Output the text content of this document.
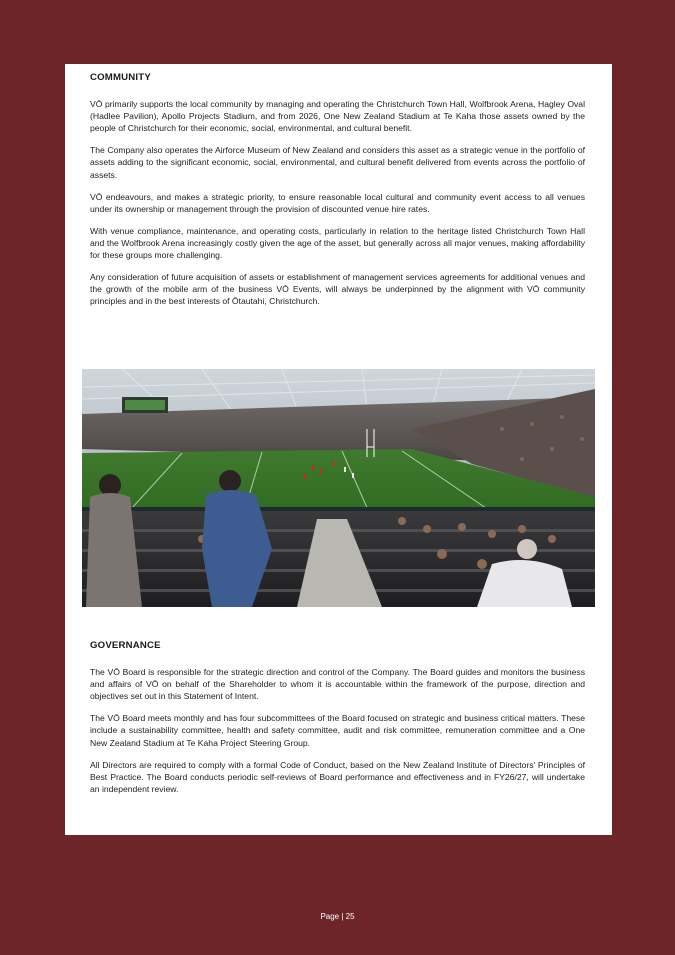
COMMUNITY

VŌ primarily supports the local community by managing and operating the Christchurch Town Hall, Wolfbrook Arena, Hagley Oval (Hadlee Pavilion), Apollo Projects Stadium, and from 2026, One New Zealand Stadium at Te Kaha those assets owned by the people of Christchurch for their economic, social, environmental, and cultural benefit.

The Company also operates the Airforce Museum of New Zealand and considers this asset as a strategic venue in the portfolio of assets adding to the significant economic, social, environmental, and cultural benefit delivered from events across the portfolio of assets.

VŌ endeavours, and makes a strategic priority, to ensure reasonable local cultural and community event access to all venues under its ownership or management through the provision of discounted venue hire rates.

With venue compliance, maintenance, and operating costs, particularly in relation to the heritage listed Christchurch Town Hall and the Wolfbrook Arena increasingly costly given the age of the asset, but generally across all major venues, making affordability for these groups more challenging.

Any consideration of future acquisition of assets or establishment of management services agreements for additional venues and the growth of the mobile arm of the business VŌ Events, will always be underpinned by the alignment with VŌ community principles and in the best interests of Ōtautahi, Christchurch.

GOVERNANCE

The VŌ Board is responsible for the strategic direction and control of the Company. The Board guides and monitors the business and affairs of VŌ on behalf of the Shareholder to whom it is accountable within the framework of the purpose, direction and objectives set out in this Statement of Intent.

The VŌ Board meets monthly and has four subcommittees of the Board focused on strategic and business critical matters. These include a sustainability committee, health and safety committee, audit and risk committee, remuneration committee and a One New Zealand Stadium at Te Kaha Project Steering Group.

All Directors are required to comply with a formal Code of Conduct, based on the New Zealand Institute of Directors' Principles of Best Practice. The Board conducts periodic self-reviews of Board performance and effectiveness and in FY26/27, will undertake an independent review.

Page | 25
